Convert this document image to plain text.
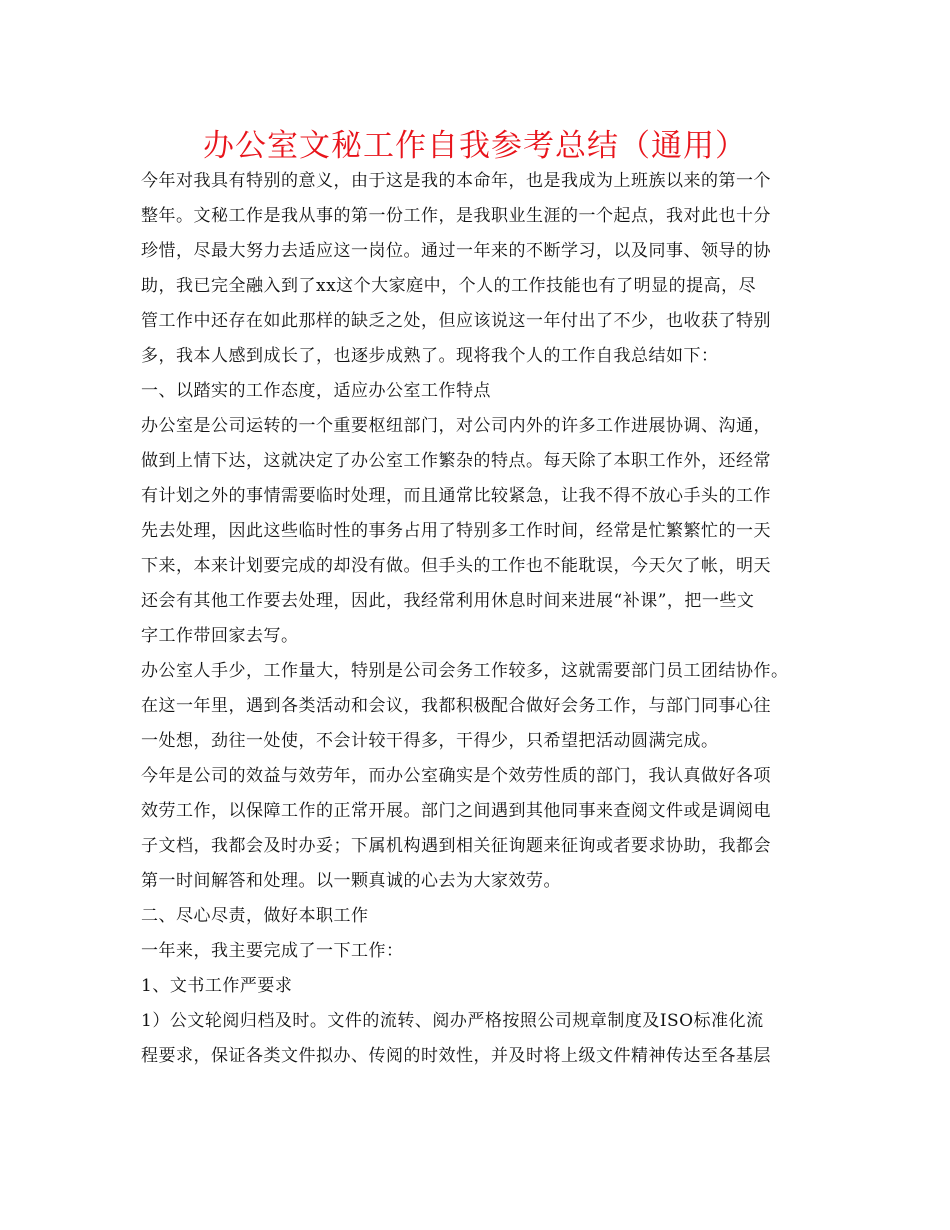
办公室文秘工作自我参考总结（通用）
今年对我具有特别的意义，由于这是我的本命年，也是我成为上班族以来的第一个
整年。文秘工作是我从事的第一份工作，是我职业生涯的一个起点，我对此也十分
珍惜，尽最大努力去适应这一岗位。通过一年来的不断学习，以及同事、领导的协
助，我已完全融入到了xx这个大家庭中，个人的工作技能也有了明显的提高，尽
管工作中还存在如此那样的缺乏之处，但应该说这一年付出了不少，也收获了特别
多，我本人感到成长了，也逐步成熟了。现将我个人的工作自我总结如下：
一、以踏实的工作态度，适应办公室工作特点
办公室是公司运转的一个重要枢纽部门，对公司内外的许多工作进展协调、沟通，
做到上情下达，这就决定了办公室工作繁杂的特点。每天除了本职工作外，还经常
有计划之外的事情需要临时处理，而且通常比较紧急，让我不得不放心手头的工作
先去处理，因此这些临时性的事务占用了特别多工作时间，经常是忙繁繁忙的一天
下来，本来计划要完成的却没有做。但手头的工作也不能耽误，今天欠了帐，明天
还会有其他工作要去处理，因此，我经常利用休息时间来进展“补课”，把一些文
字工作带回家去写。
办公室人手少，工作量大，特别是公司会务工作较多，这就需要部门员工团结协作。
在这一年里，遇到各类活动和会议，我都积极配合做好会务工作，与部门同事心往
一处想，劲往一处使，不会计较干得多，干得少，只希望把活动圆满完成。
今年是公司的效益与效劳年，而办公室确实是个效劳性质的部门，我认真做好各项
效劳工作，以保障工作的正常开展。部门之间遇到其他同事来查阅文件或是调阅电
子文档，我都会及时办妥；下属机构遇到相关征询题来征询或者要求协助，我都会
第一时间解答和处理。以一颗真诚的心去为大家效劳。
二、尽心尽责，做好本职工作
一年来，我主要完成了一下工作：
1、文书工作严要求
1）公文轮阅归档及时。文件的流转、阅办严格按照公司规章制度及ISO标准化流
程要求，保证各类文件拟办、传阅的时效性，并及时将上级文件精神传达至各基层
